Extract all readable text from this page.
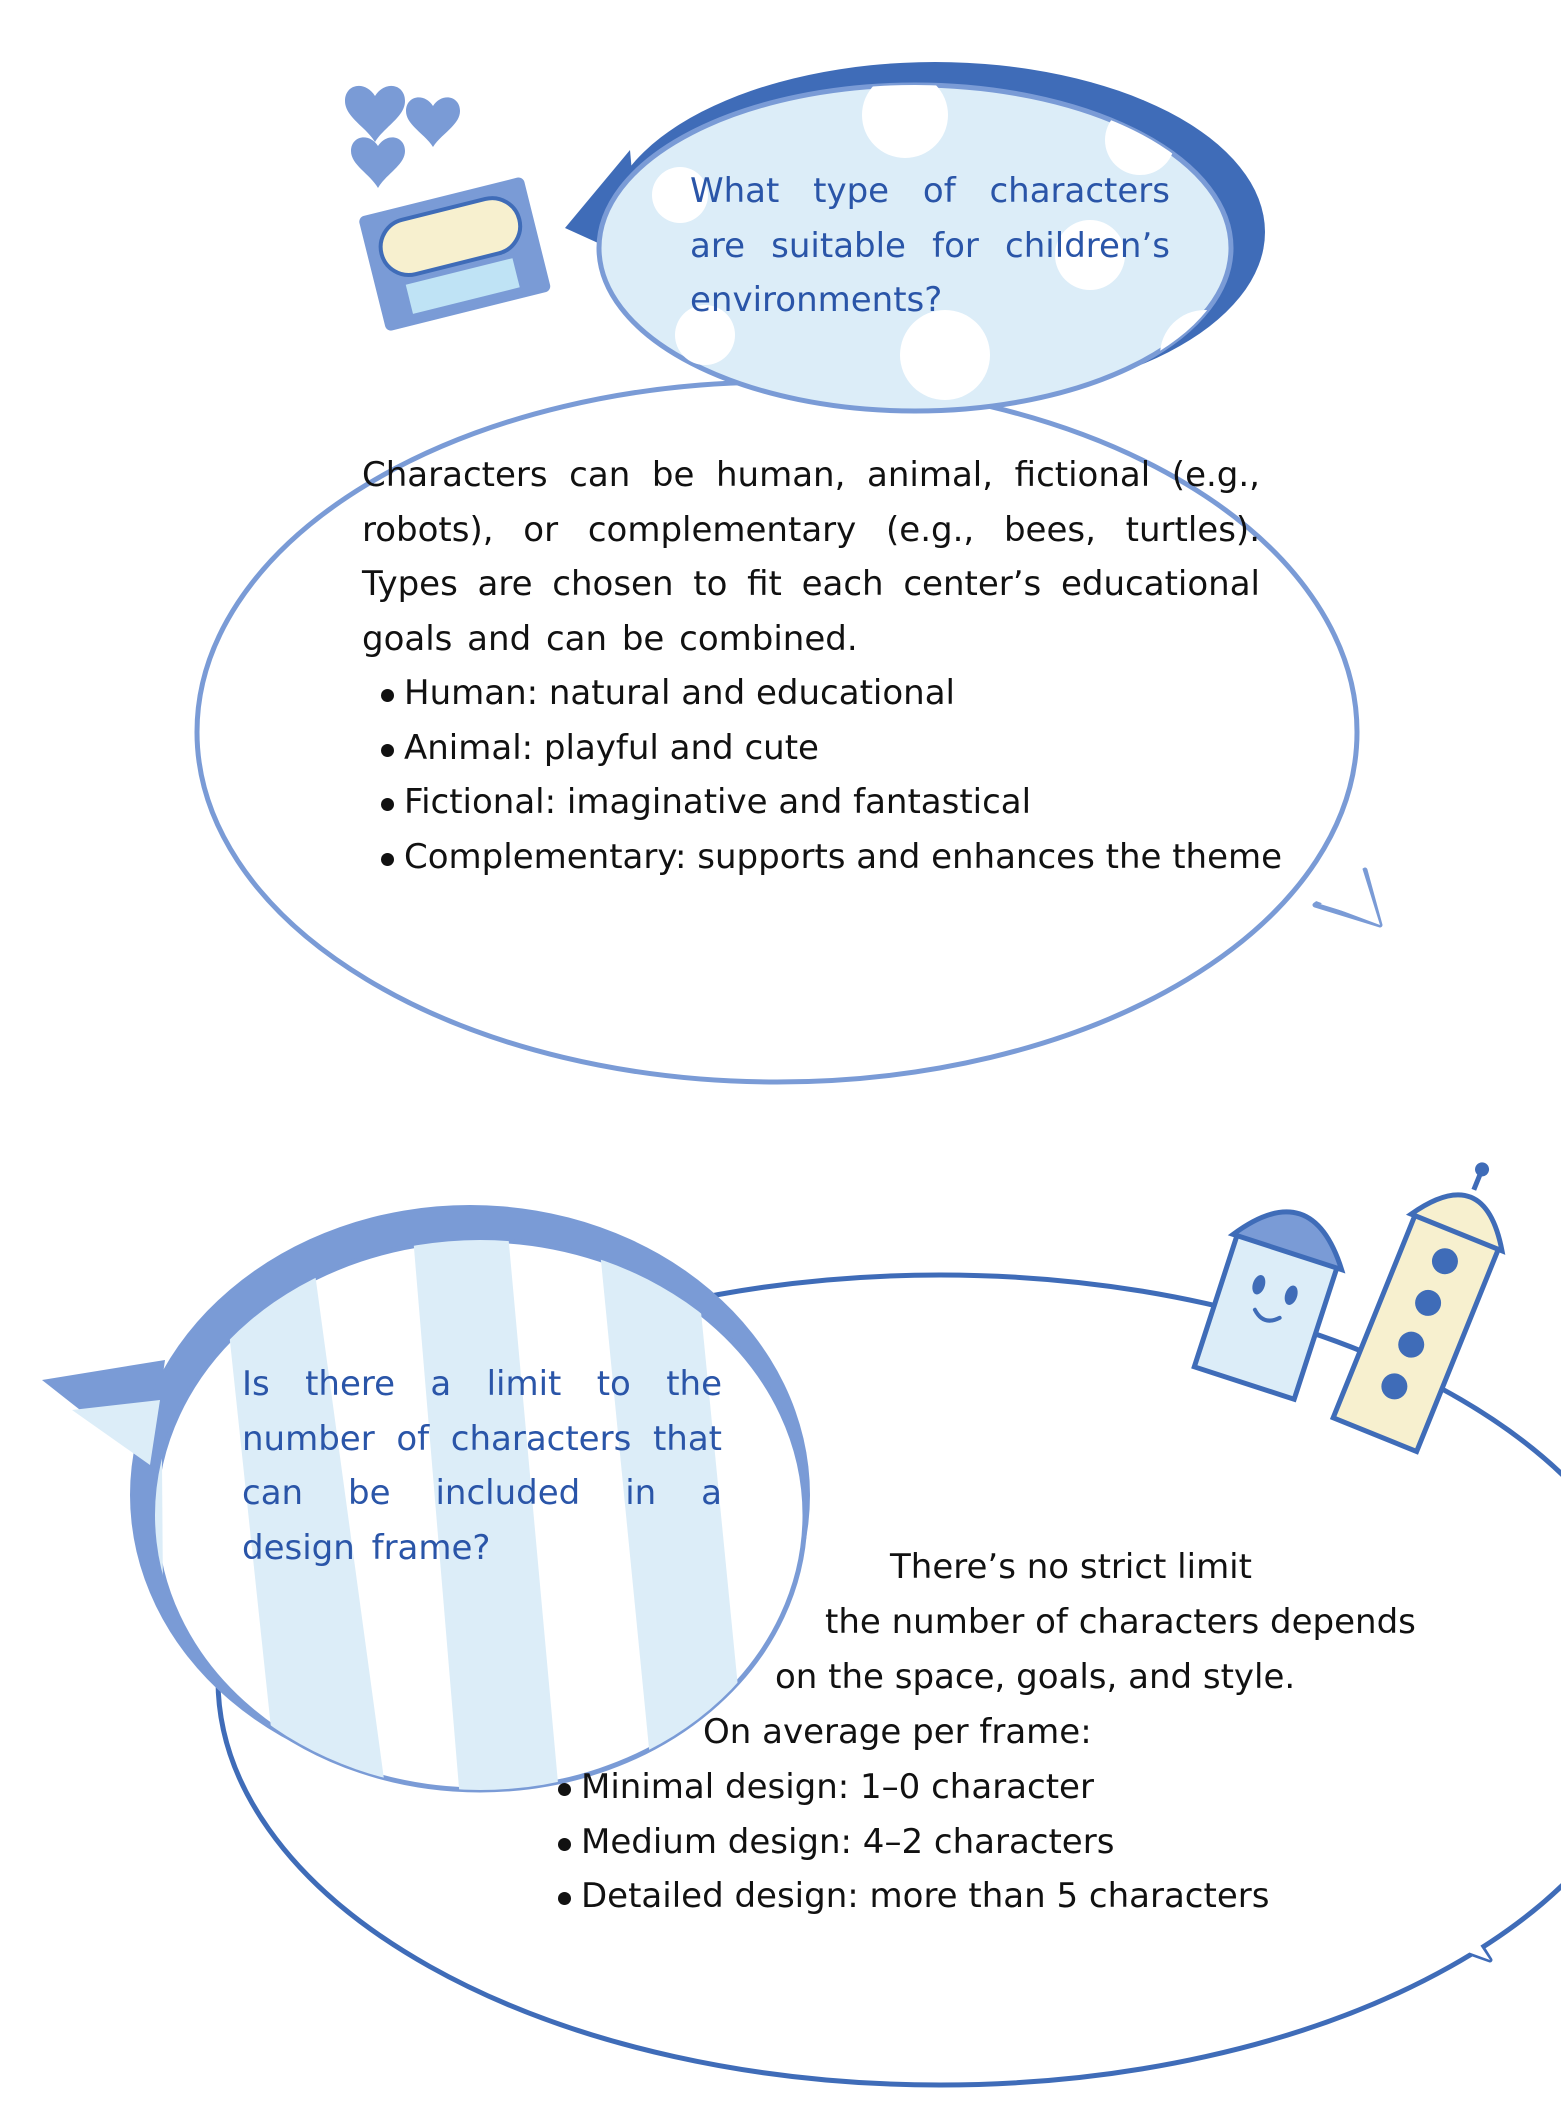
What type of characters are suitable for children’s environments?
Characters can be human, animal, fictional (e.g., robots), or complementary (e.g., bees, turtles). Types are chosen to fit each center’s educational goals and can be combined.
Human: natural and educational
Animal: playful and cute
Fictional: imaginative and fantastical
Complementary: supports and enhances the theme
Is there a limit to the number of characters that can be included in a design frame?	There’s no strict limit
the number of characters depends
on the space, goals, and style.
On average per frame:
Minimal design: 1–0 character
Medium design: 4–2 characters
Detailed design: more than 5 characters
